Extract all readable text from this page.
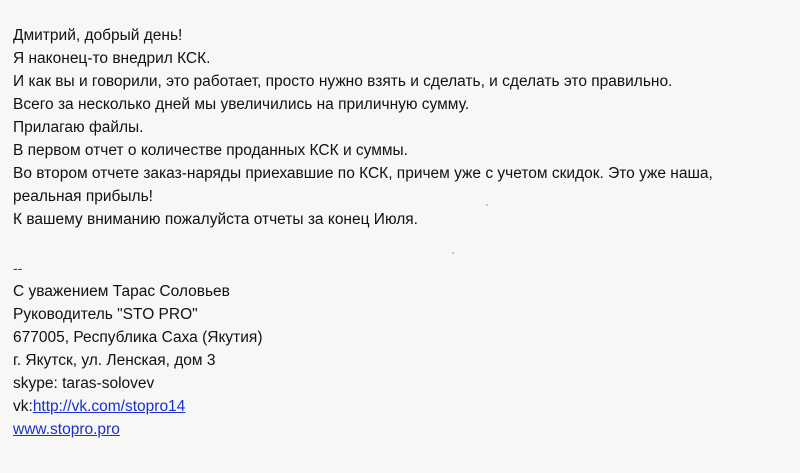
Дмитрий, добрый день!
Я наконец-то внедрил КСК.
И как вы и говорили, это работает, просто нужно взять и сделать, и сделать это правильно.
Всего за несколько дней мы увеличились на приличную сумму.
Прилагаю файлы.
В первом отчет о количестве проданных КСК и суммы.
Во втором отчете заказ-наряды приехавшие по КСК, причем уже с учетом скидок. Это уже наша,
реальная прибыль!
К вашему вниманию пожалуйста отчеты за конец Июля.
--
С уважением Тарас Соловьев
Руководитель "STO PRO"
677005, Республика Саха (Якутия)
г. Якутск, ул. Ленская, дом 3
skype: taras-solovev
vk:http://vk.com/stopro14
www.stopro.pro
